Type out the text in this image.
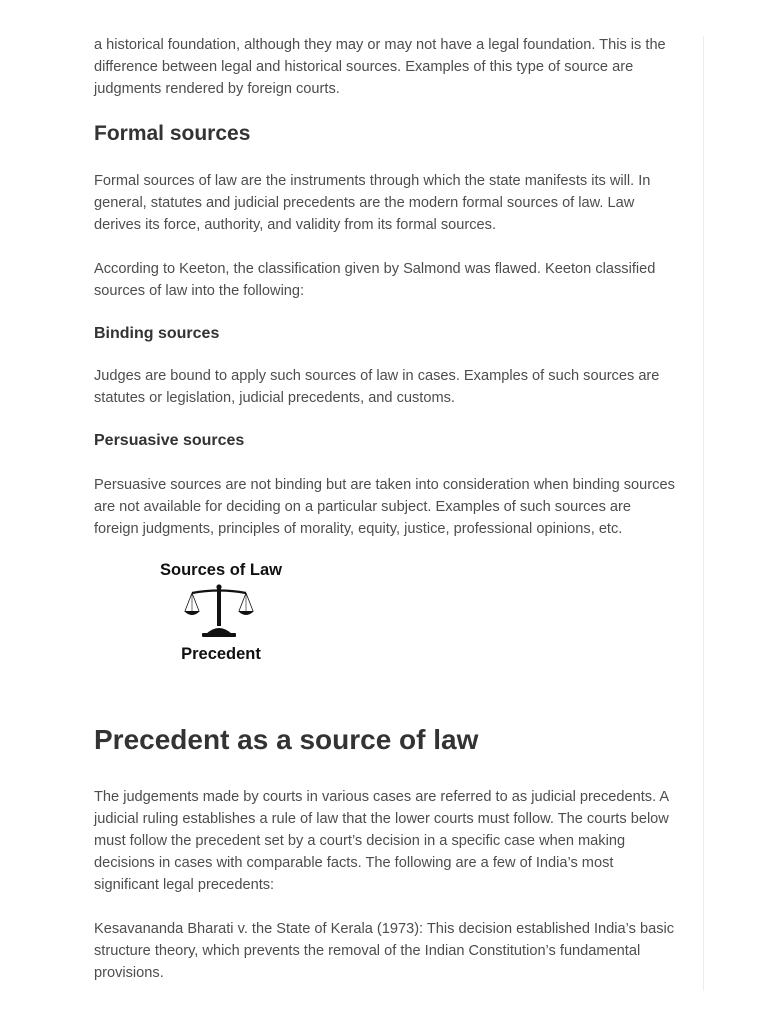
a historical foundation, although they may or may not have a legal foundation. This is the difference between legal and historical sources. Examples of this type of source are judgments rendered by foreign courts.

Formal sources

Formal sources of law are the instruments through which the state manifests its will. In general, statutes and judicial precedents are the modern formal sources of law. Law derives its force, authority, and validity from its formal sources.

According to Keeton, the classification given by Salmond was flawed. Keeton classified sources of law into the following:

Binding sources

Judges are bound to apply such sources of law in cases. Examples of such sources are statutes or legislation, judicial precedents, and customs.

Persuasive sources

Persuasive sources are not binding but are taken into consideration when binding sources are not available for deciding on a particular subject. Examples of such sources are foreign judgments, principles of morality, equity, justice, professional opinions, etc.

Sources of Law
Precedent
Precedent as a source of law

The judgements made by courts in various cases are referred to as judicial precedents. A judicial ruling establishes a rule of law that the lower courts must follow. The courts below must follow the precedent set by a court’s decision in a specific case when making decisions in cases with comparable facts. The following are a few of India’s most significant legal precedents:

Kesavananda Bharati v. the State of Kerala (1973): This decision established India’s basic structure theory, which prevents the removal of the Indian Constitution’s fundamental provisions.
